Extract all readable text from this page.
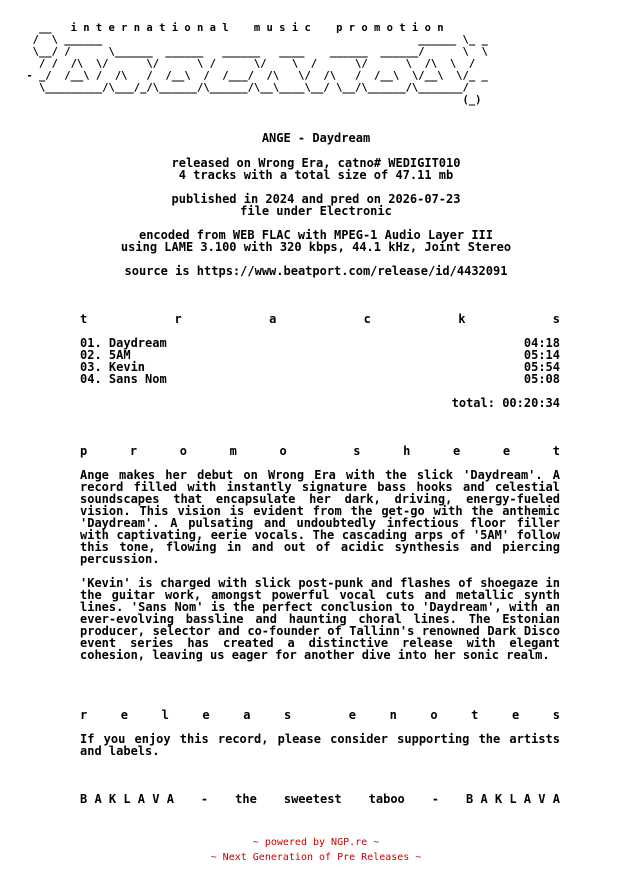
__   i n t e r n a t i o n a l    m u s i c    p r o m o t i o n
/  \ ______                                                  ______ \_ _
\__/ /      \______  ______   ______   ____    ______  ______/      \  \
/ /  /\  \/      \/      \ /      \/    \  /      \/      \  /\  \  /
- _/  /__\ /  /\   /  /__\  /  /___/  /\   \/  /\   /  /__\  \/__\  \/_ _
\_________/\___/_/\______/\______/\__\____\__/ \__/\______/\_______/
(_)
ANGE - Daydream
released on Wrong Era, catno# WEDIGIT010
4 tracks with a total size of 47.11 mb
published in 2024 and pred on 2026-07-23
file under Electronic
encoded from WEB FLAC with MPEG-1 Audio Layer III
using LAME 3.100 with 320 kbps, 44.1 kHz, Joint Stereo
source is https://www.beatport.com/release/id/4432091
t	r	a	c	k	s
01. Daydream	04:18
02. 5AM	05:14
03. Kevin	05:54
04. Sans Nom	05:08
total: 00:20:34
p	r	o	m	o	s	h	e	e	t
Ange makes her debut on Wrong Era with the slick 'Daydream'. A record filled with instantly signature bass hooks and celestial soundscapes that encapsulate her dark, driving, energy-fueled vision. This vision is evident from the get-go with the anthemic 'Daydream'. A pulsating and undoubtedly infectious floor filler with captivating, eerie vocals. The cascading arps of '5AM' follow this tone, flowing in and out of acidic synthesis and piercing percussion.
'Kevin' is charged with slick post-punk and flashes of shoegaze in the guitar work, amongst powerful vocal cuts and metallic synth lines. 'Sans Nom' is the perfect conclusion to 'Daydream', with an ever-evolving bassline and haunting choral lines. The Estonian producer, selector and co-founder of Tallinn's renowned Dark Disco event series has created a distinctive release with elegant cohesion, leaving us eager for another dive into her sonic realm.
r	e	l	e	a	s	e	n	o	t	e	s
If you enjoy this record, please consider supporting the artists and labels.
B A K L A V A - the sweetest taboo - B A K L A V A
~ powered by NGP.re ~
~ Next Generation of Pre Releases ~
